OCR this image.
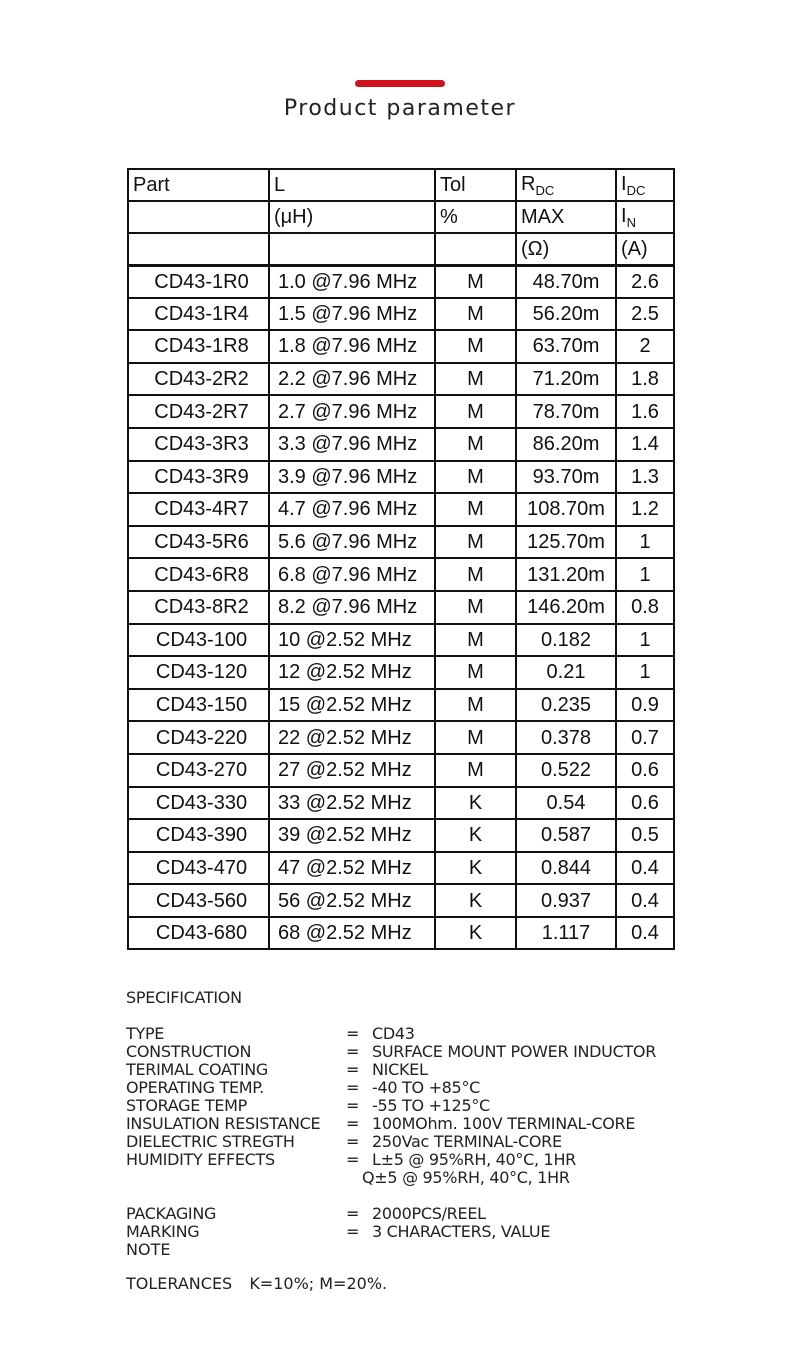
Product parameter
Part	L	Tol	$R_{DC}$	$I_{DC}$
	(μH)	%	MAX	$I_N$
			(Ω)	(A)
CD43-1R0	1.0 @7.96 MHz	M	48.70m	2.6
CD43-1R4	1.5 @7.96 MHz	M	56.20m	2.5
CD43-1R8	1.8 @7.96 MHz	M	63.70m	2
CD43-2R2	2.2 @7.96 MHz	M	71.20m	1.8
CD43-2R7	2.7 @7.96 MHz	M	78.70m	1.6
CD43-3R3	3.3 @7.96 MHz	M	86.20m	1.4
CD43-3R9	3.9 @7.96 MHz	M	93.70m	1.3
CD43-4R7	4.7 @7.96 MHz	M	108.70m	1.2
CD43-5R6	5.6 @7.96 MHz	M	125.70m	1
CD43-6R8	6.8 @7.96 MHz	M	131.20m	1
CD43-8R2	8.2 @7.96 MHz	M	146.20m	0.8
CD43-100	10 @2.52 MHz	M	0.182	1
CD43-120	12 @2.52 MHz	M	0.21	1
CD43-150	15 @2.52 MHz	M	0.235	0.9
CD43-220	22 @2.52 MHz	M	0.378	0.7
CD43-270	27 @2.52 MHz	M	0.522	0.6
CD43-330	33 @2.52 MHz	K	0.54	0.6
CD43-390	39 @2.52 MHz	K	0.587	0.5
CD43-470	47 @2.52 MHz	K	0.844	0.4
CD43-560	56 @2.52 MHz	K	0.937	0.4
CD43-680	68 @2.52 MHz	K	1.117	0.4
SPECIFICATION
TYPE	= CD43
CONSTRUCTION	= SURFACE MOUNT POWER INDUCTOR
TERIMAL COATING	= NICKEL
OPERATING TEMP.	= -40 TO +85°C
STORAGE TEMP	= -55 TO +125°C
INSULATION RESISTANCE = 100MOhm. 100V TERMINAL-CORE
DIELECTRIC STREGTH	= 250Vac TERMINAL-CORE
HUMIDITY EFFECTS	= L±5 @ 95%RH, 40°C, 1HR
Q±5 @ 95%RH, 40°C, 1HR
PACKAGING	= 2000PCS/REEL
MARKING	= 3 CHARACTERS, VALUE
NOTE
TOLERANCES K=10%; M=20%.
